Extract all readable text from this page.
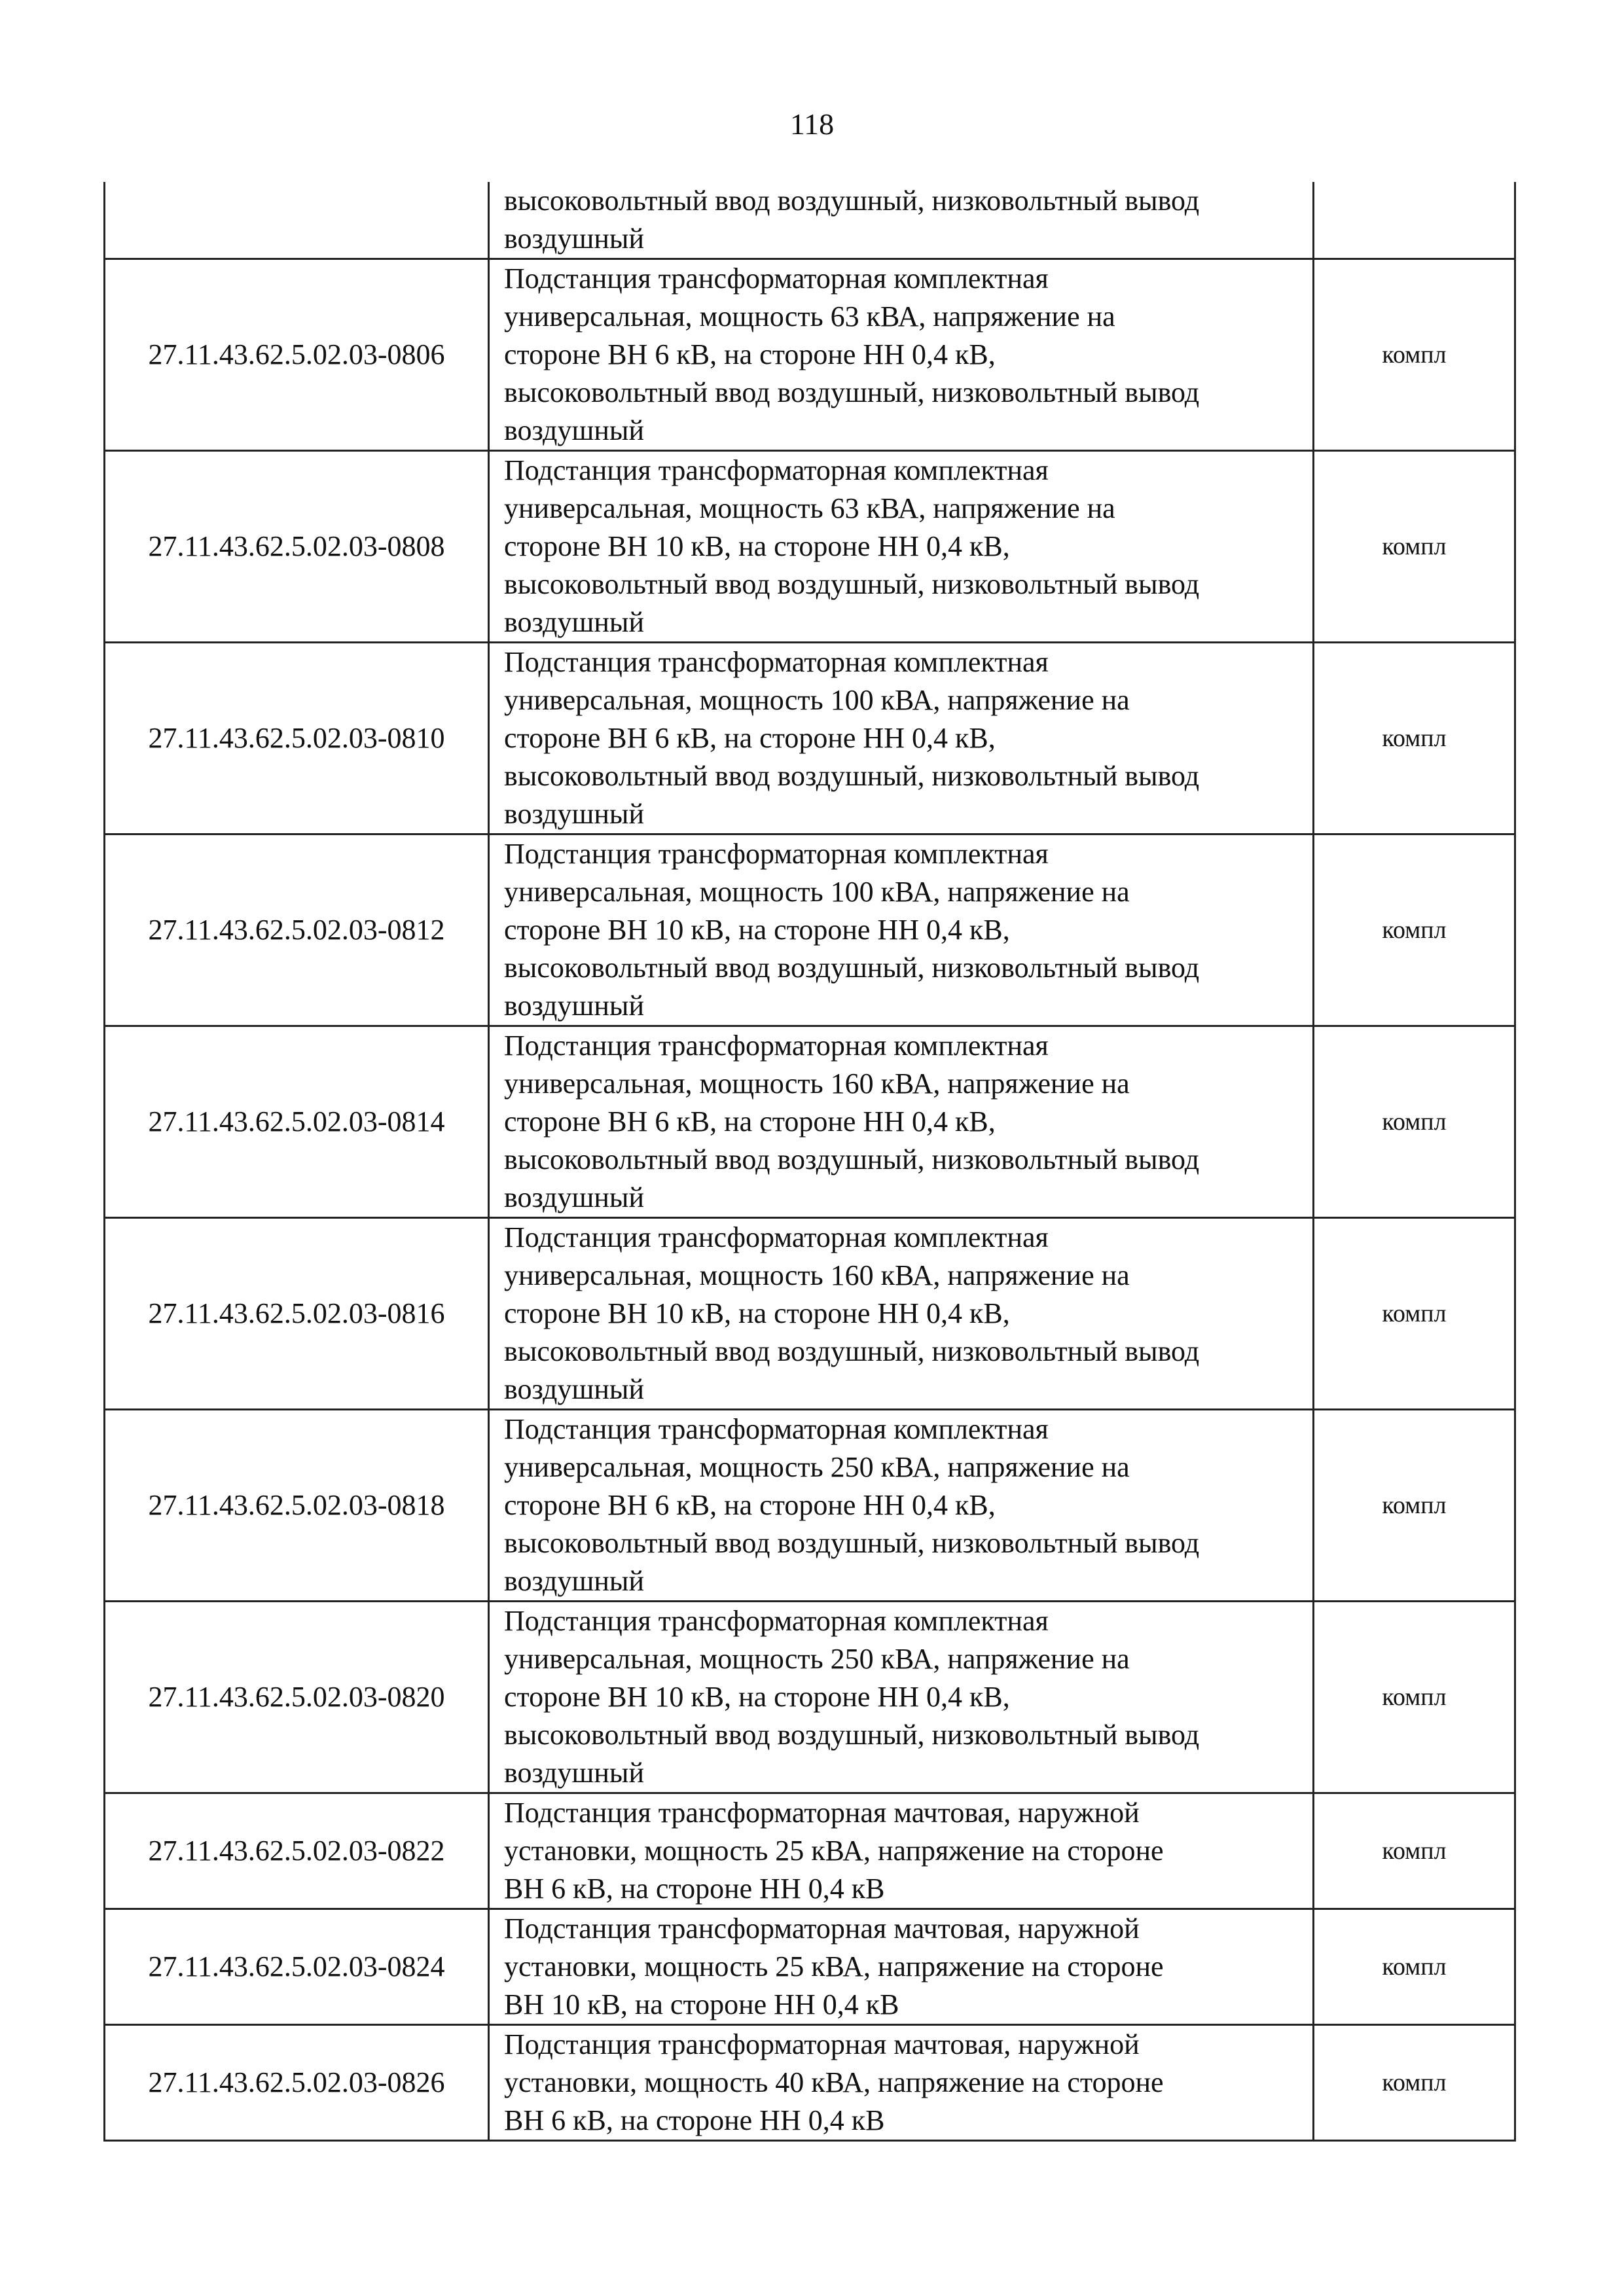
118

	высоковольтный ввод воздушный, низковольтный вывод
воздушный	

27.11.43.62.5.02.03-0806	Подстанция трансформаторная комплектная
универсальная, мощность 63 кВА, напряжение на
стороне ВН 6 кВ, на стороне НН 0,4 кВ,
высоковольтный ввод воздушный, низковольтный вывод
воздушный	компл
27.11.43.62.5.02.03-0808	Подстанция трансформаторная комплектная
универсальная, мощность 63 кВА, напряжение на
стороне ВН 10 кВ, на стороне НН 0,4 кВ,
высоковольтный ввод воздушный, низковольтный вывод
воздушный	компл
27.11.43.62.5.02.03-0810	Подстанция трансформаторная комплектная
универсальная, мощность 100 кВА, напряжение на
стороне ВН 6 кВ, на стороне НН 0,4 кВ,
высоковольтный ввод воздушный, низковольтный вывод
воздушный	компл
27.11.43.62.5.02.03-0812	Подстанция трансформаторная комплектная
универсальная, мощность 100 кВА, напряжение на
стороне ВН 10 кВ, на стороне НН 0,4 кВ,
высоковольтный ввод воздушный, низковольтный вывод
воздушный	компл
27.11.43.62.5.02.03-0814	Подстанция трансформаторная комплектная
универсальная, мощность 160 кВА, напряжение на
стороне ВН 6 кВ, на стороне НН 0,4 кВ,
высоковольтный ввод воздушный, низковольтный вывод
воздушный	компл
27.11.43.62.5.02.03-0816	Подстанция трансформаторная комплектная
универсальная, мощность 160 кВА, напряжение на
стороне ВН 10 кВ, на стороне НН 0,4 кВ,
высоковольтный ввод воздушный, низковольтный вывод
воздушный	компл
27.11.43.62.5.02.03-0818	Подстанция трансформаторная комплектная
универсальная, мощность 250 кВА, напряжение на
стороне ВН 6 кВ, на стороне НН 0,4 кВ,
высоковольтный ввод воздушный, низковольтный вывод
воздушный	компл
27.11.43.62.5.02.03-0820	Подстанция трансформаторная комплектная
универсальная, мощность 250 кВА, напряжение на
стороне ВН 10 кВ, на стороне НН 0,4 кВ,
высоковольтный ввод воздушный, низковольтный вывод
воздушный	компл
27.11.43.62.5.02.03-0822	Подстанция трансформаторная мачтовая, наружной
установки, мощность 25 кВА, напряжение на стороне
ВН 6 кВ, на стороне НН 0,4 кВ	компл
27.11.43.62.5.02.03-0824	Подстанция трансформаторная мачтовая, наружной
установки, мощность 25 кВА, напряжение на стороне
ВН 10 кВ, на стороне НН 0,4 кВ	компл
27.11.43.62.5.02.03-0826	Подстанция трансформаторная мачтовая, наружной
установки, мощность 40 кВА, напряжение на стороне
ВН 6 кВ, на стороне НН 0,4 кВ	компл
